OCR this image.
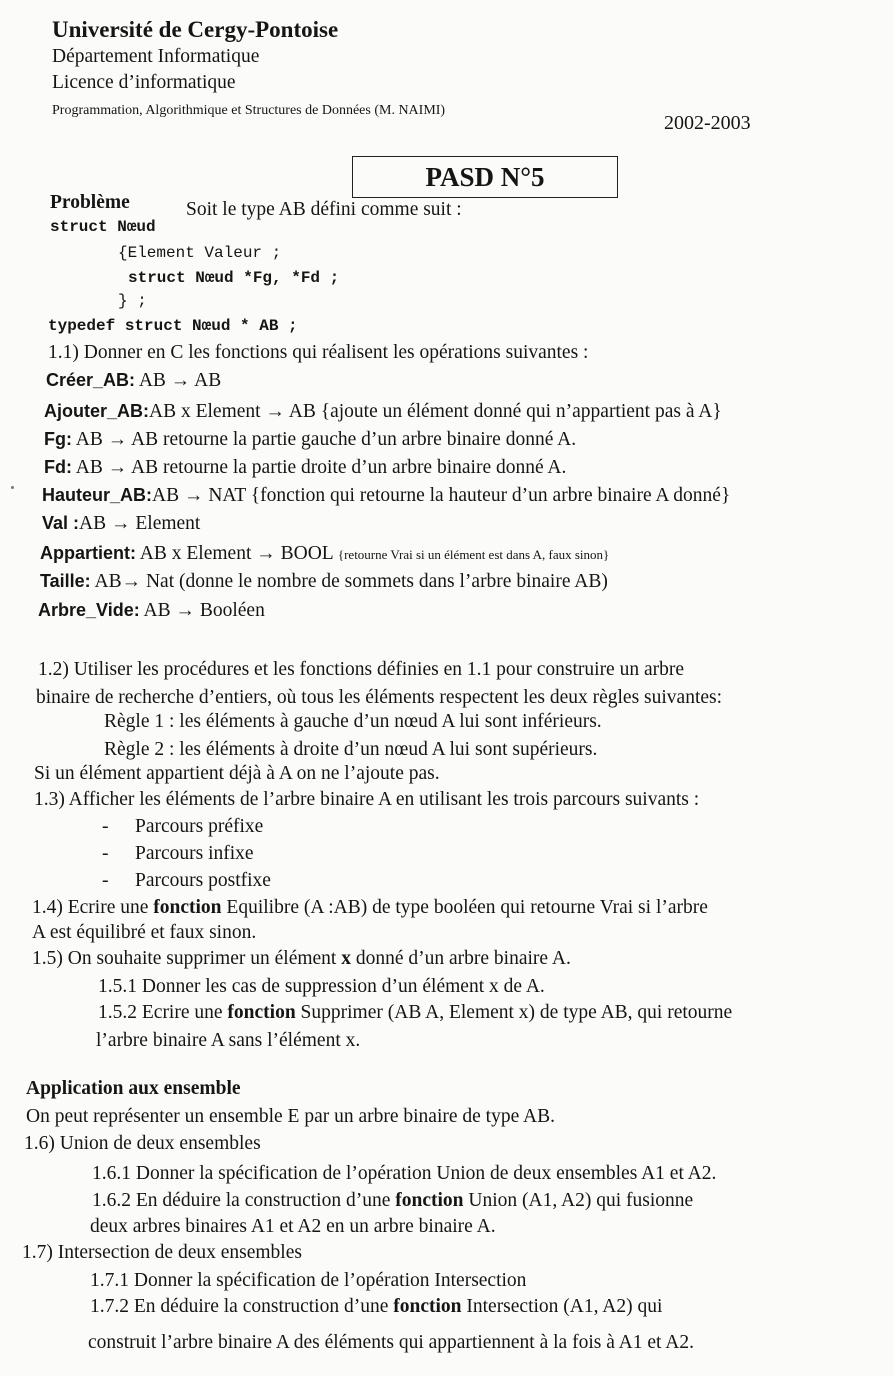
Université de Cergy-Pontoise
Département Informatique
Licence d’informatique
Programmation, Algorithmique et Structures de Données (M. NAIMI)
2002-2003
PASD N°5
Problème	Soit le type AB défini comme suit :
struct Nœud
{Element Valeur ;
struct Nœud *Fg, *Fd ;
} ;
typedef struct Nœud * AB ;
1.1) Donner en C les fonctions qui réalisent les opérations suivantes :
Créer_AB: AB → AB
Ajouter_AB:AB x Element → AB {ajoute un élément donné qui n’appartient pas à A}
Fg: AB → AB retourne la partie gauche d’un arbre binaire donné A.
Fd: AB → AB retourne la partie droite d’un arbre binaire donné A.
Hauteur_AB:AB → NAT {fonction qui retourne la hauteur d’un arbre binaire A donné}
Val :AB → Element
Appartient: AB x Element → BOOL {retourne Vrai si un élément est dans A, faux sinon}
Taille: AB→ Nat (donne le nombre de sommets dans l’arbre binaire AB)
Arbre_Vide: AB → Booléen
1.2) Utiliser les procédures et les fonctions définies en 1.1 pour construire un arbre
binaire de recherche d’entiers, où tous les éléments respectent les deux règles suivantes:
Règle 1 : les éléments à gauche d’un nœud A lui sont inférieurs.
Règle 2 : les éléments à droite d’un nœud A lui sont supérieurs.
Si un élément appartient déjà à A on ne l’ajoute pas.
1.3) Afficher les éléments de l’arbre binaire A en utilisant les trois parcours suivants :
- Parcours préfixe
- Parcours infixe
- Parcours postfixe
1.4) Ecrire une fonction Equilibre (A :AB) de type booléen qui retourne Vrai si l’arbre
A est équilibré et faux sinon.
1.5) On souhaite supprimer un élément x donné d’un arbre binaire A.
1.5.1 Donner les cas de suppression d’un élément x de A.
1.5.2 Ecrire une fonction Supprimer (AB A, Element x) de type AB, qui retourne
l’arbre binaire A sans l’élément x.
Application aux ensemble
On peut représenter un ensemble E par un arbre binaire de type AB.
1.6) Union de deux ensembles
1.6.1 Donner la spécification de l’opération Union de deux ensembles A1 et A2.
1.6.2 En déduire la construction d’une fonction Union (A1, A2) qui fusionne
deux arbres binaires A1 et A2 en un arbre binaire A.
1.7) Intersection de deux ensembles
1.7.1 Donner la spécification de l’opération Intersection
1.7.2 En déduire la construction d’une fonction Intersection (A1, A2) qui
construit l’arbre binaire A des éléments qui appartiennent à la fois à A1 et A2.
